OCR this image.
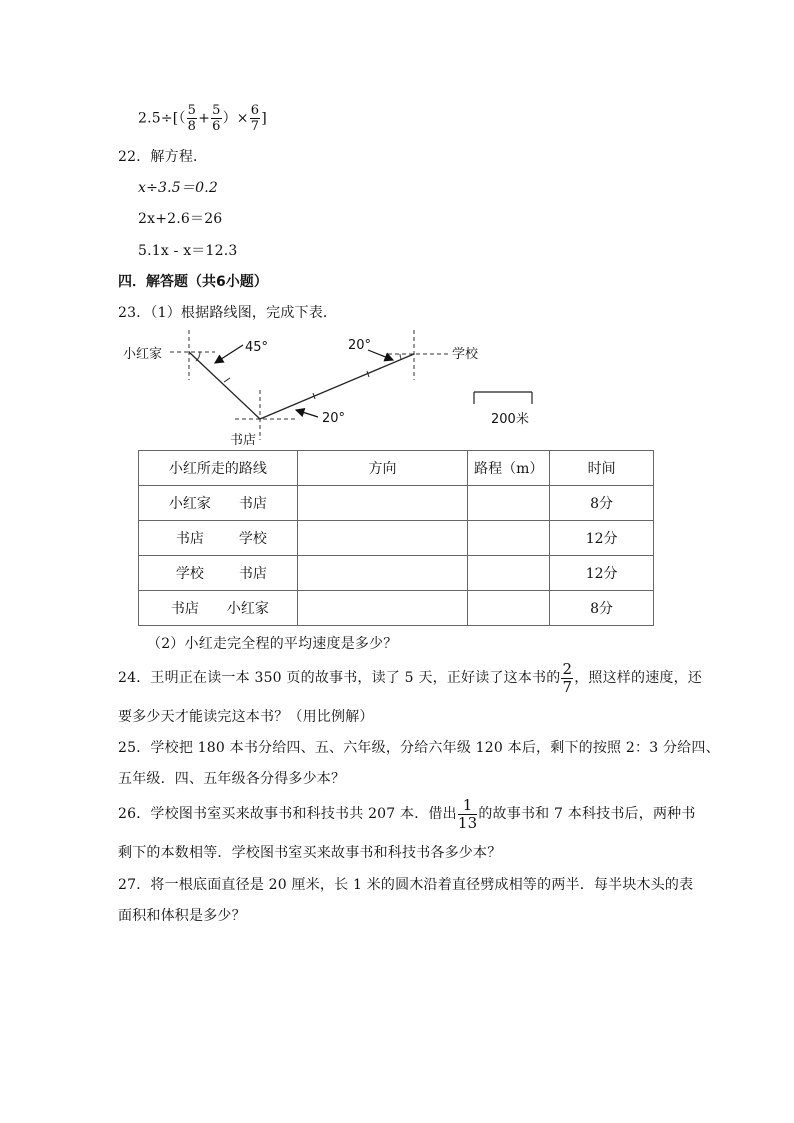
$2.5\div[( \frac{5}{8} + \frac{5}{6}$ ）× $\frac{6}{7}$ ]
22．解方程．
x÷3.5＝0.2
2x+2.6＝26
5.1x - x＝12.3
四．解答题（共6小题）
23．（1）根据路线图，完成下表．
小红家	学校
书店
45°	20°
20°	200米
小红所走的路线	方向	路程（m）	时间
小红家 书店			8分
书店 学校			12分
学校 书店			12分
书店 小红家			8分
（2）小红走完全程的平均速度是多少？
24．王明正在读一本 350 页的故事书，读了 5 天，正好读了这本书的 $\frac{2}{7}$ ，照这样的速度，还
要多少天才能读完这本书？（用比例解）
25．学校把 180 本书分给四、五、六年级，分给六年级 120 本后，剩下的按照 2：3 分给四、
五年级．四、五年级各分得多少本？
26．学校图书室买来故事书和科技书共 207 本．借出 $\frac{1}{13}$ 的故事书和 7 本科技书后，两种书
剩下的本数相等．学校图书室买来故事书和科技书各多少本？
27．将一根底面直径是 20 厘米，长 1 米的圆木沿着直径劈成相等的两半．每半块木头的表
面积和体积是多少？
